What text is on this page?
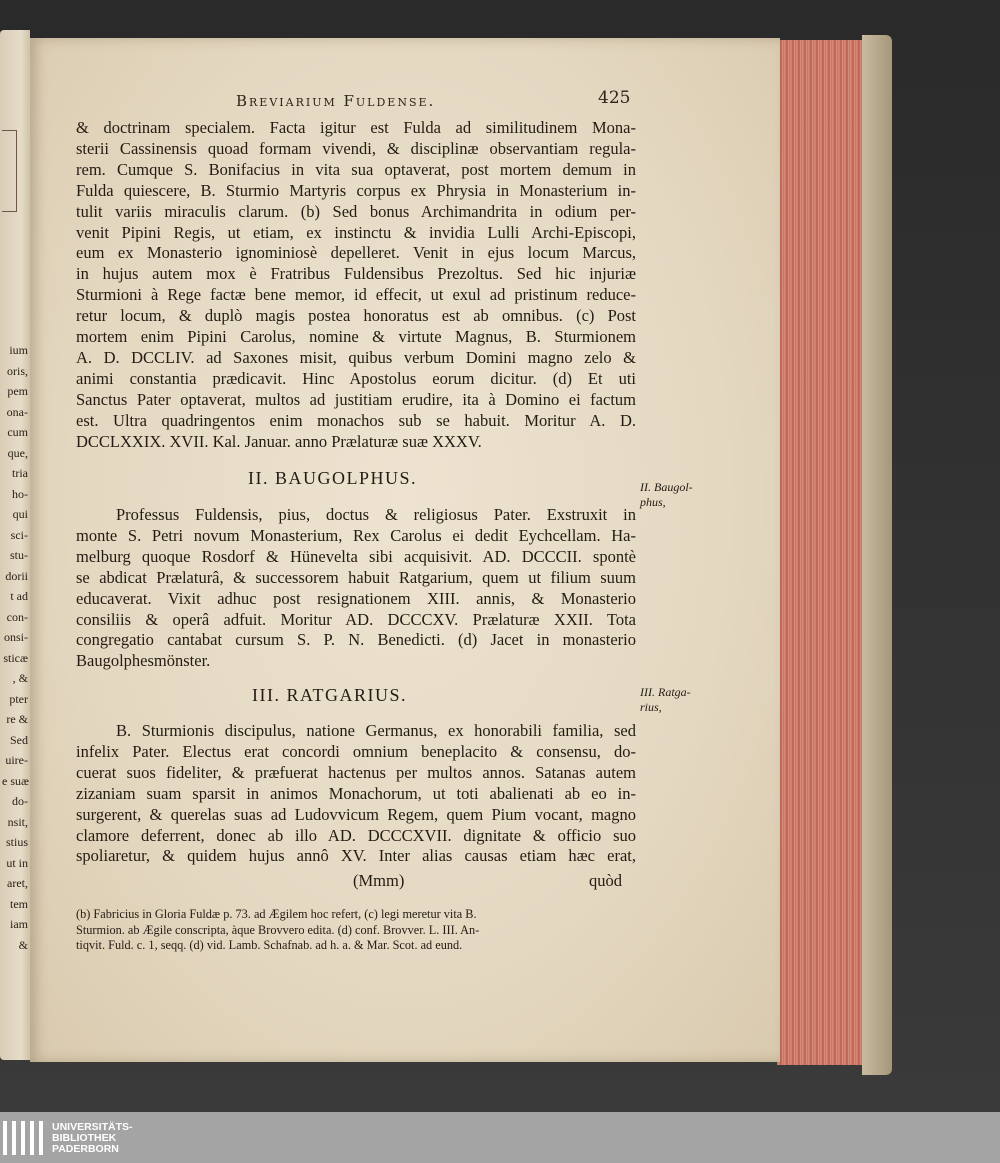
ium
oris,
pem
ona-
cum
que,
tria
ho-
qui
sci-
stu-
dorii
t ad
con-
onsi-
sticæ
, &
pter
re &
Sed
uire-
e suæ
do-
nsit,
stius
ut in
aret,
tem
iam
&
Breviarium Fuldense.	425
& doctrinam specialem. Facta igitur est Fulda ad similitudinem Mona-
sterii Cassinensis quoad formam vivendi, & disciplinæ observantiam regula-
rem. Cumque S. Bonifacius in vita sua optaverat, post mortem demum in
Fulda quiescere, B. Sturmio Martyris corpus ex Phrysia in Monasterium in-
tulit variis miraculis clarum. (b) Sed bonus Archimandrita in odium per-
venit Pipini Regis, ut etiam, ex instinctu & invidia Lulli Archi-Episcopi,
eum ex Monasterio ignominiosè depelleret. Venit in ejus locum Marcus,
in hujus autem mox è Fratribus Fuldensibus Prezoltus. Sed hic injuriæ
Sturmioni à Rege factæ bene memor, id effecit, ut exul ad pristinum reduce-
retur locum, & duplò magis postea honoratus est ab omnibus. (c) Post
mortem enim Pipini Carolus, nomine & virtute Magnus, B. Sturmionem
A. D. DCCLIV. ad Saxones misit, quibus verbum Domini magno zelo &
animi constantia prædicavit. Hinc Apostolus eorum dicitur. (d) Et uti
Sanctus Pater optaverat, multos ad justitiam erudire, ita à Domino ei factum
est. Ultra quadringentos enim monachos sub se habuit. Moritur A. D.
DCCLXXIX. XVII. Kal. Januar. anno Prælaturæ suæ XXXV.
II. BAUGOLPHUS.	II. Baugol-
phus,
Professus Fuldensis, pius, doctus & religiosus Pater. Exstruxit in
monte S. Petri novum Monasterium, Rex Carolus ei dedit Eychcellam. Ha-
melburg quoque Rosdorf & Hünevelta sibi acquisivit. AD. DCCCII. spontè
se abdicat Prælaturâ, & successorem habuit Ratgarium, quem ut filium suum
educaverat. Vixit adhuc post resignationem XIII. annis, & Monasterio
consiliis & operâ adfuit. Moritur AD. DCCCXV. Prælaturæ XXII. Tota
congregatio cantabat cursum S. P. N. Benedicti. (d) Jacet in monasterio
Baugolphesmönster.
III. RATGARIUS.	III. Ratga-
rius,
B. Sturmionis discipulus, natione Germanus, ex honorabili familia, sed
infelix Pater. Electus erat concordi omnium beneplacito & consensu, do-
cuerat suos fideliter, & præfuerat hactenus per multos annos. Satanas autem
zizaniam suam sparsit in animos Monachorum, ut toti abalienati ab eo in-
surgerent, & querelas suas ad Ludovvicum Regem, quem Pium vocant, magno
clamore deferrent, donec ab illo AD. DCCCXVII. dignitate & officio suo
spoliaretur, & quidem hujus annô XV. Inter alias causas etiam hæc erat,
(Mmm)	quòd
(b) Fabricius in Gloria Fuldæ p. 73. ad Ægilem hoc refert, (c) legi meretur vita B.
Sturmion. ab Ægile conscripta, àque Brovvero edita. (d) conf. Brovver. L. III. An-
tiqvit. Fuld. c. 1, seqq. (d) vid. Lamb. Schafnab. ad h. a. & Mar. Scot. ad eund.
UNIVERSITÄTS-
BIBLIOTHEK
PADERBORN
